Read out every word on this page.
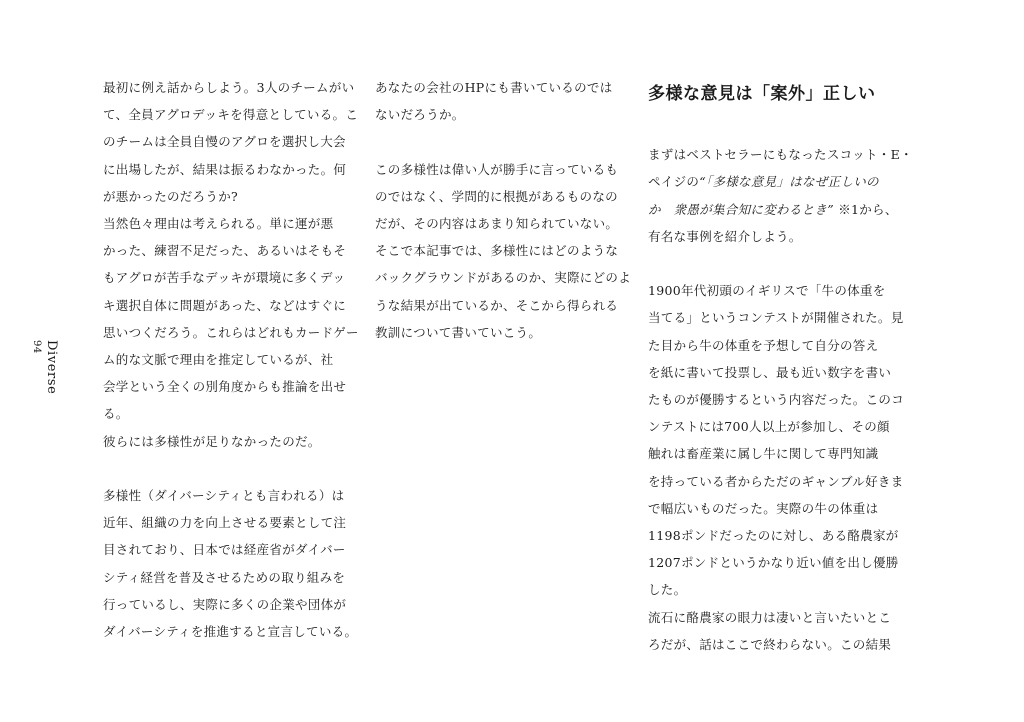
Diverse
94

最初に例え話からしよう。3人のチームがい

て、全員アグロデッキを得意としている。こ

のチームは全員自慢のアグロを選択し大会

に出場したが、結果は振るわなかった。何

が悪かったのだろうか?

当然色々理由は考えられる。単に運が悪

かった、練習不足だった、あるいはそもそ

もアグロが苦手なデッキが環境に多くデッ

キ選択自体に問題があった、などはすぐに

思いつくだろう。これらはどれもカードゲー

ム的な文脈で理由を推定しているが、社

会学という全くの別角度からも推論を出せ

る。

彼らには多様性が足りなかったのだ。

多様性（ダイバーシティとも言われる）は

近年、組織の力を向上させる要素として注

目されており、日本では経産省がダイバー

シティ経営を普及させるための取り組みを

行っているし、実際に多くの企業や団体が

ダイバーシティを推進すると宣言している。

あなたの会社のHPにも書いているのでは

ないだろうか。

この多様性は偉い人が勝手に言っているも

のではなく、学問的に根拠があるものなの

だが、その内容はあまり知られていない。

そこで本記事では、多様性にはどのような

バックグラウンドがあるのか、実際にどのよ

うな結果が出ているか、そこから得られる

教訓について書いていこう。

多様な意見は「案外」正しい

まずはベストセラーにもなったスコット・E・

ペイジの“「多様な意見」はなぜ正しいの

か　衆愚が集合知に変わるとき” ※1から、

有名な事例を紹介しよう。

1900年代初頭のイギリスで「牛の体重を

当てる」というコンテストが開催された。見

た目から牛の体重を予想して自分の答え

を紙に書いて投票し、最も近い数字を書い

たものが優勝するという内容だった。このコ

ンテストには700人以上が参加し、その顔

触れは畜産業に属し牛に関して専門知識

を持っている者からただのギャンブル好きま

で幅広いものだった。実際の牛の体重は

1198ポンドだったのに対し、ある酪農家が

1207ポンドというかなり近い値を出し優勝

した。

流石に酪農家の眼力は凄いと言いたいとこ

ろだが、話はここで終わらない。この結果
